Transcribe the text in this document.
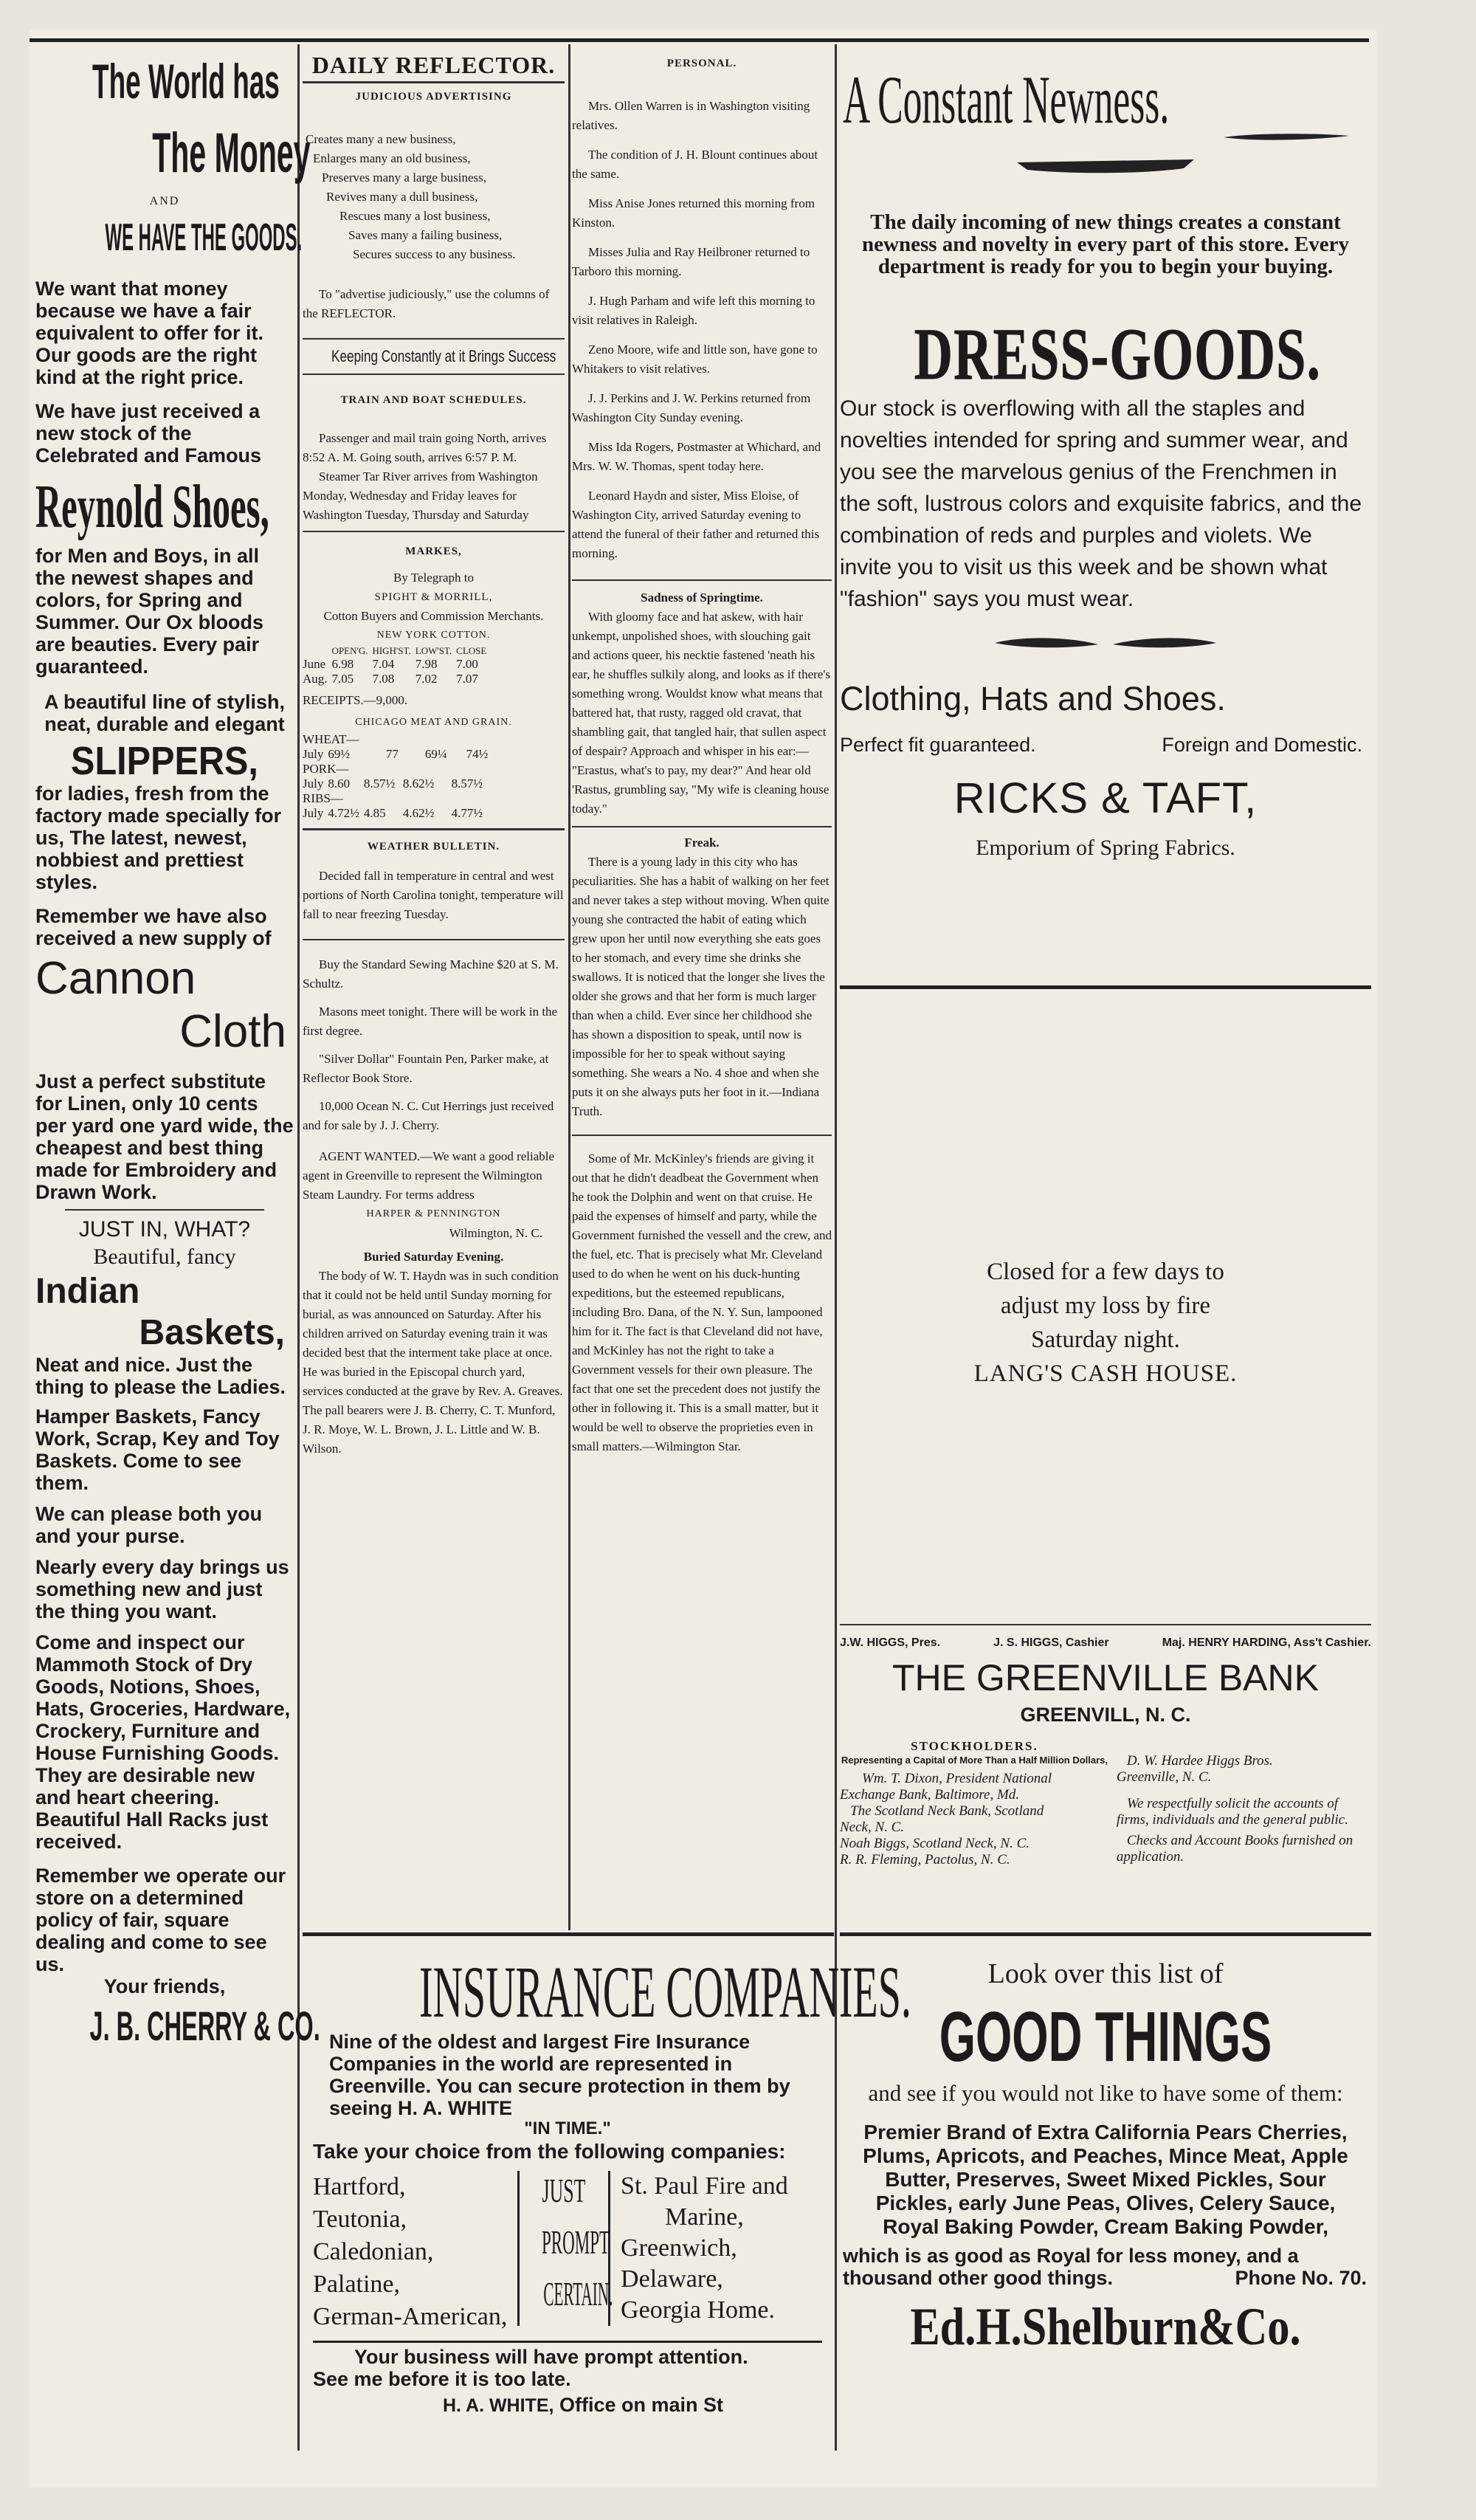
The World has
The Money

AND

WE HAVE THE GOODS.

We want that money because we have a fair equivalent to offer for it. Our goods are the right kind at the right price.

We have just received a new stock of the Celebrated and Famous

Reynold Shoes,

for Men and Boys, in all the newest shapes and colors, for Spring and Summer. Our Ox bloods are beauties. Every pair guaranteed.

A beautiful line of stylish, neat, durable and elegant

SLIPPERS,

for ladies, fresh from the factory made specially for us, The latest, newest, nobbiest and prettiest styles.

Remember we have also received a new supply of

Cannon

Cloth

Just a perfect substitute for Linen, only 10 cents per yard one yard wide, the cheapest and best thing made for Embroidery and Drawn Work.

JUST IN, WHAT?

Beautiful, fancy

Indian

Baskets,

Neat and nice. Just the thing to please the Ladies.

Hamper Baskets, Fancy Work, Scrap, Key and Toy Baskets. Come to see them.

We can please both you and your purse.

Nearly every day brings us something new and just the thing you want.

Come and inspect our Mammoth Stock of Dry Goods, Notions, Shoes, Hats, Groceries, Hardware, Crockery, Furniture and House Furnishing Goods. They are desirable new and heart cheering.

Beautiful Hall Racks just received.

Remember we operate our store on a determined policy of fair, square dealing and come to see us.

Your friends,

J. B. CHERRY & CO.

DAILY REFLECTOR.

JUDICIOUS ADVERTISING

Creates many a new business,

Enlarges many an old business,

Preserves many a large business,

Revives many a dull business,

Rescues many a lost business,

Saves many a failing business,

Secures success to any business.

To "advertise judiciously," use the columns of the REFLECTOR.

Keeping Constantly at it Brings Success

TRAIN AND BOAT SCHEDULES.

Passenger and mail train going North, arrives 8:52 A. M. Going south, arrives 6:57 P. M.

Steamer Tar River arrives from Washington Monday, Wednesday and Friday leaves for Washington Tuesday, Thursday and Saturday

MARKES,

By Telegraph to

SPIGHT & MORRILL,

Cotton Buyers and Commission Merchants.

NEW YORK COTTON.

	OPEN'G.	HIGH'ST.	LOW'ST.	CLOSE
June	6.98	7.04	7.98	7.00
Aug.	7.05	7.08	7.02	7.07

RECEIPTS.—9,000.

CHICAGO MEAT AND GRAIN.

WHEAT—				
July	69½	77	69¼	74½
PORK—				
July	8.60	8.57½	8.62½	8.57½
RIBS—				
July	4.72½	4.85	4.62½	4.77½

WEATHER BULLETIN.

Decided fall in temperature in central and west portions of North Carolina tonight, temperature will fall to near freezing Tuesday.

Buy the Standard Sewing Machine $20 at S. M. Schultz.

Masons meet tonight. There will be work in the first degree.

"Silver Dollar" Fountain Pen, Parker make, at Reflector Book Store.

10,000 Ocean N. C. Cut Herrings just received and for sale by J. J. Cherry.

AGENT WANTED.—We want a good reliable agent in Greenville to represent the Wilmington Steam Laundry. For terms address

HARPER & PENNINGTON

Wilmington, N. C.

Buried Saturday Evening.

The body of W. T. Haydn was in such condition that it could not be held until Sunday morning for burial, as was announced on Saturday. After his children arrived on Saturday evening train it was decided best that the interment take place at once. He was buried in the Episcopal church yard, services conducted at the grave by Rev. A. Greaves. The pall bearers were J. B. Cherry, C. T. Munford, J. R. Moye, W. L. Brown, J. L. Little and W. B. Wilson.

PERSONAL.

Mrs. Ollen Warren is in Washington visiting relatives.

The condition of J. H. Blount continues about the same.

Miss Anise Jones returned this morning from Kinston.

Misses Julia and Ray Heilbroner returned to Tarboro this morning.

J. Hugh Parham and wife left this morning to visit relatives in Raleigh.

Zeno Moore, wife and little son, have gone to Whitakers to visit relatives.

J. J. Perkins and J. W. Perkins returned from Washington City Sunday evening.

Miss Ida Rogers, Postmaster at Whichard, and Mrs. W. W. Thomas, spent today here.

Leonard Haydn and sister, Miss Eloise, of Washington City, arrived Saturday evening to attend the funeral of their father and returned this morning.

Sadness of Springtime.

With gloomy face and hat askew, with hair unkempt, unpolished shoes, with slouching gait and actions queer, his necktie fastened 'neath his ear, he shuffles sulkily along, and looks as if there's something wrong. Wouldst know what means that battered hat, that rusty, ragged old cravat, that shambling gait, that tangled hair, that sullen aspect of despair? Approach and whisper in his ear:— "Erastus, what's to pay, my dear?" And hear old 'Rastus, grumbling say, "My wife is cleaning house today."

Freak.

There is a young lady in this city who has peculiarities. She has a habit of walking on her feet and never takes a step without moving. When quite young she contracted the habit of eating which grew upon her until now everything she eats goes to her stomach, and every time she drinks she swallows. It is noticed that the longer she lives the older she grows and that her form is much larger than when a child. Ever since her childhood she has shown a disposition to speak, until now is impossible for her to speak without saying something. She wears a No. 4 shoe and when she puts it on she always puts her foot in it.—Indiana Truth.

Some of Mr. McKinley's friends are giving it out that he didn't deadbeat the Government when he took the Dolphin and went on that cruise. He paid the expenses of himself and party, while the Government furnished the vessell and the crew, and the fuel, etc. That is precisely what Mr. Cleveland used to do when he went on his duck-hunting expeditions, but the esteemed republicans, including Bro. Dana, of the N. Y. Sun, lampooned him for it. The fact is that Cleveland did not have, and McKinley has not the right to take a Government vessels for their own pleasure. The fact that one set the precedent does not justify the other in following it. This is a small matter, but it would be well to observe the proprieties even in small matters.—Wilmington Star.

A Constant Newness.

The daily incoming of new things creates a constant newness and novelty in every part of this store. Every department is ready for you to begin your buying.

DRESS-GOODS.

Our stock is overflowing with all the staples and novelties intended for spring and summer wear, and you see the marvelous genius of the Frenchmen in the soft, lustrous colors and exquisite fabrics, and the combination of reds and purples and violets. We invite you to visit us this week and be shown what "fashion" says you must wear.

Clothing, Hats and Shoes.

Perfect fit guaranteed.	Foreign and Domestic.

RICKS & TAFT,

Emporium of Spring Fabrics.

Closed for a few days to

adjust my loss by fire

Saturday night.

LANG'S CASH HOUSE.

J.W. HIGGS, Pres.	J. S. HIGGS, Cashier	Maj. HENRY HARDING, Ass't Cashier.

THE GREENVILLE BANK

GREENVILL, N. C.

STOCKHOLDERS.

Representing a Capital of More Than a Half Million Dollars,

Wm. T. Dixon, President National

Exchange Bank, Baltimore, Md.

The Scotland Neck Bank, Scotland

Neck, N. C.

Noah Biggs, Scotland Neck, N. C.

R. R. Fleming, Pactolus, N. C.

D. W. Hardee Higgs Bros.

Greenville, N. C.

We respectfully solicit the accounts of firms, individuals and the general public.

Checks and Account Books furnished on application.

INSURANCE COMPANIES.

Nine of the oldest and largest Fire Insurance Companies in the world are represented in Greenville. You can secure protection in them by seeing H. A. WHITE

"IN TIME."

Take your choice from the following companies:

Hartford,

Teutonia,

Caledonian,

Palatine,

German-American,

JUST
PROMPT
CERTAIN.

St. Paul Fire and

Marine,

Greenwich,

Delaware,

Georgia Home.

Your business will have prompt attention.

See me before it is too late.

H. A. WHITE, Office on main St

Look over this list of

GOOD THINGS

and see if you would not like to have some of them:

Premier Brand of Extra California Pears Cherries, Plums, Apricots, and Peaches, Mince Meat, Apple Butter, Preserves, Sweet Mixed Pickles, Sour Pickles, early June Peas, Olives, Celery Sauce, Royal Baking Powder, Cream Baking Powder,

which is as good as Royal for less money, and a thousand other good things.	Phone No. 70.

Ed.H.Shelburn&Co.
